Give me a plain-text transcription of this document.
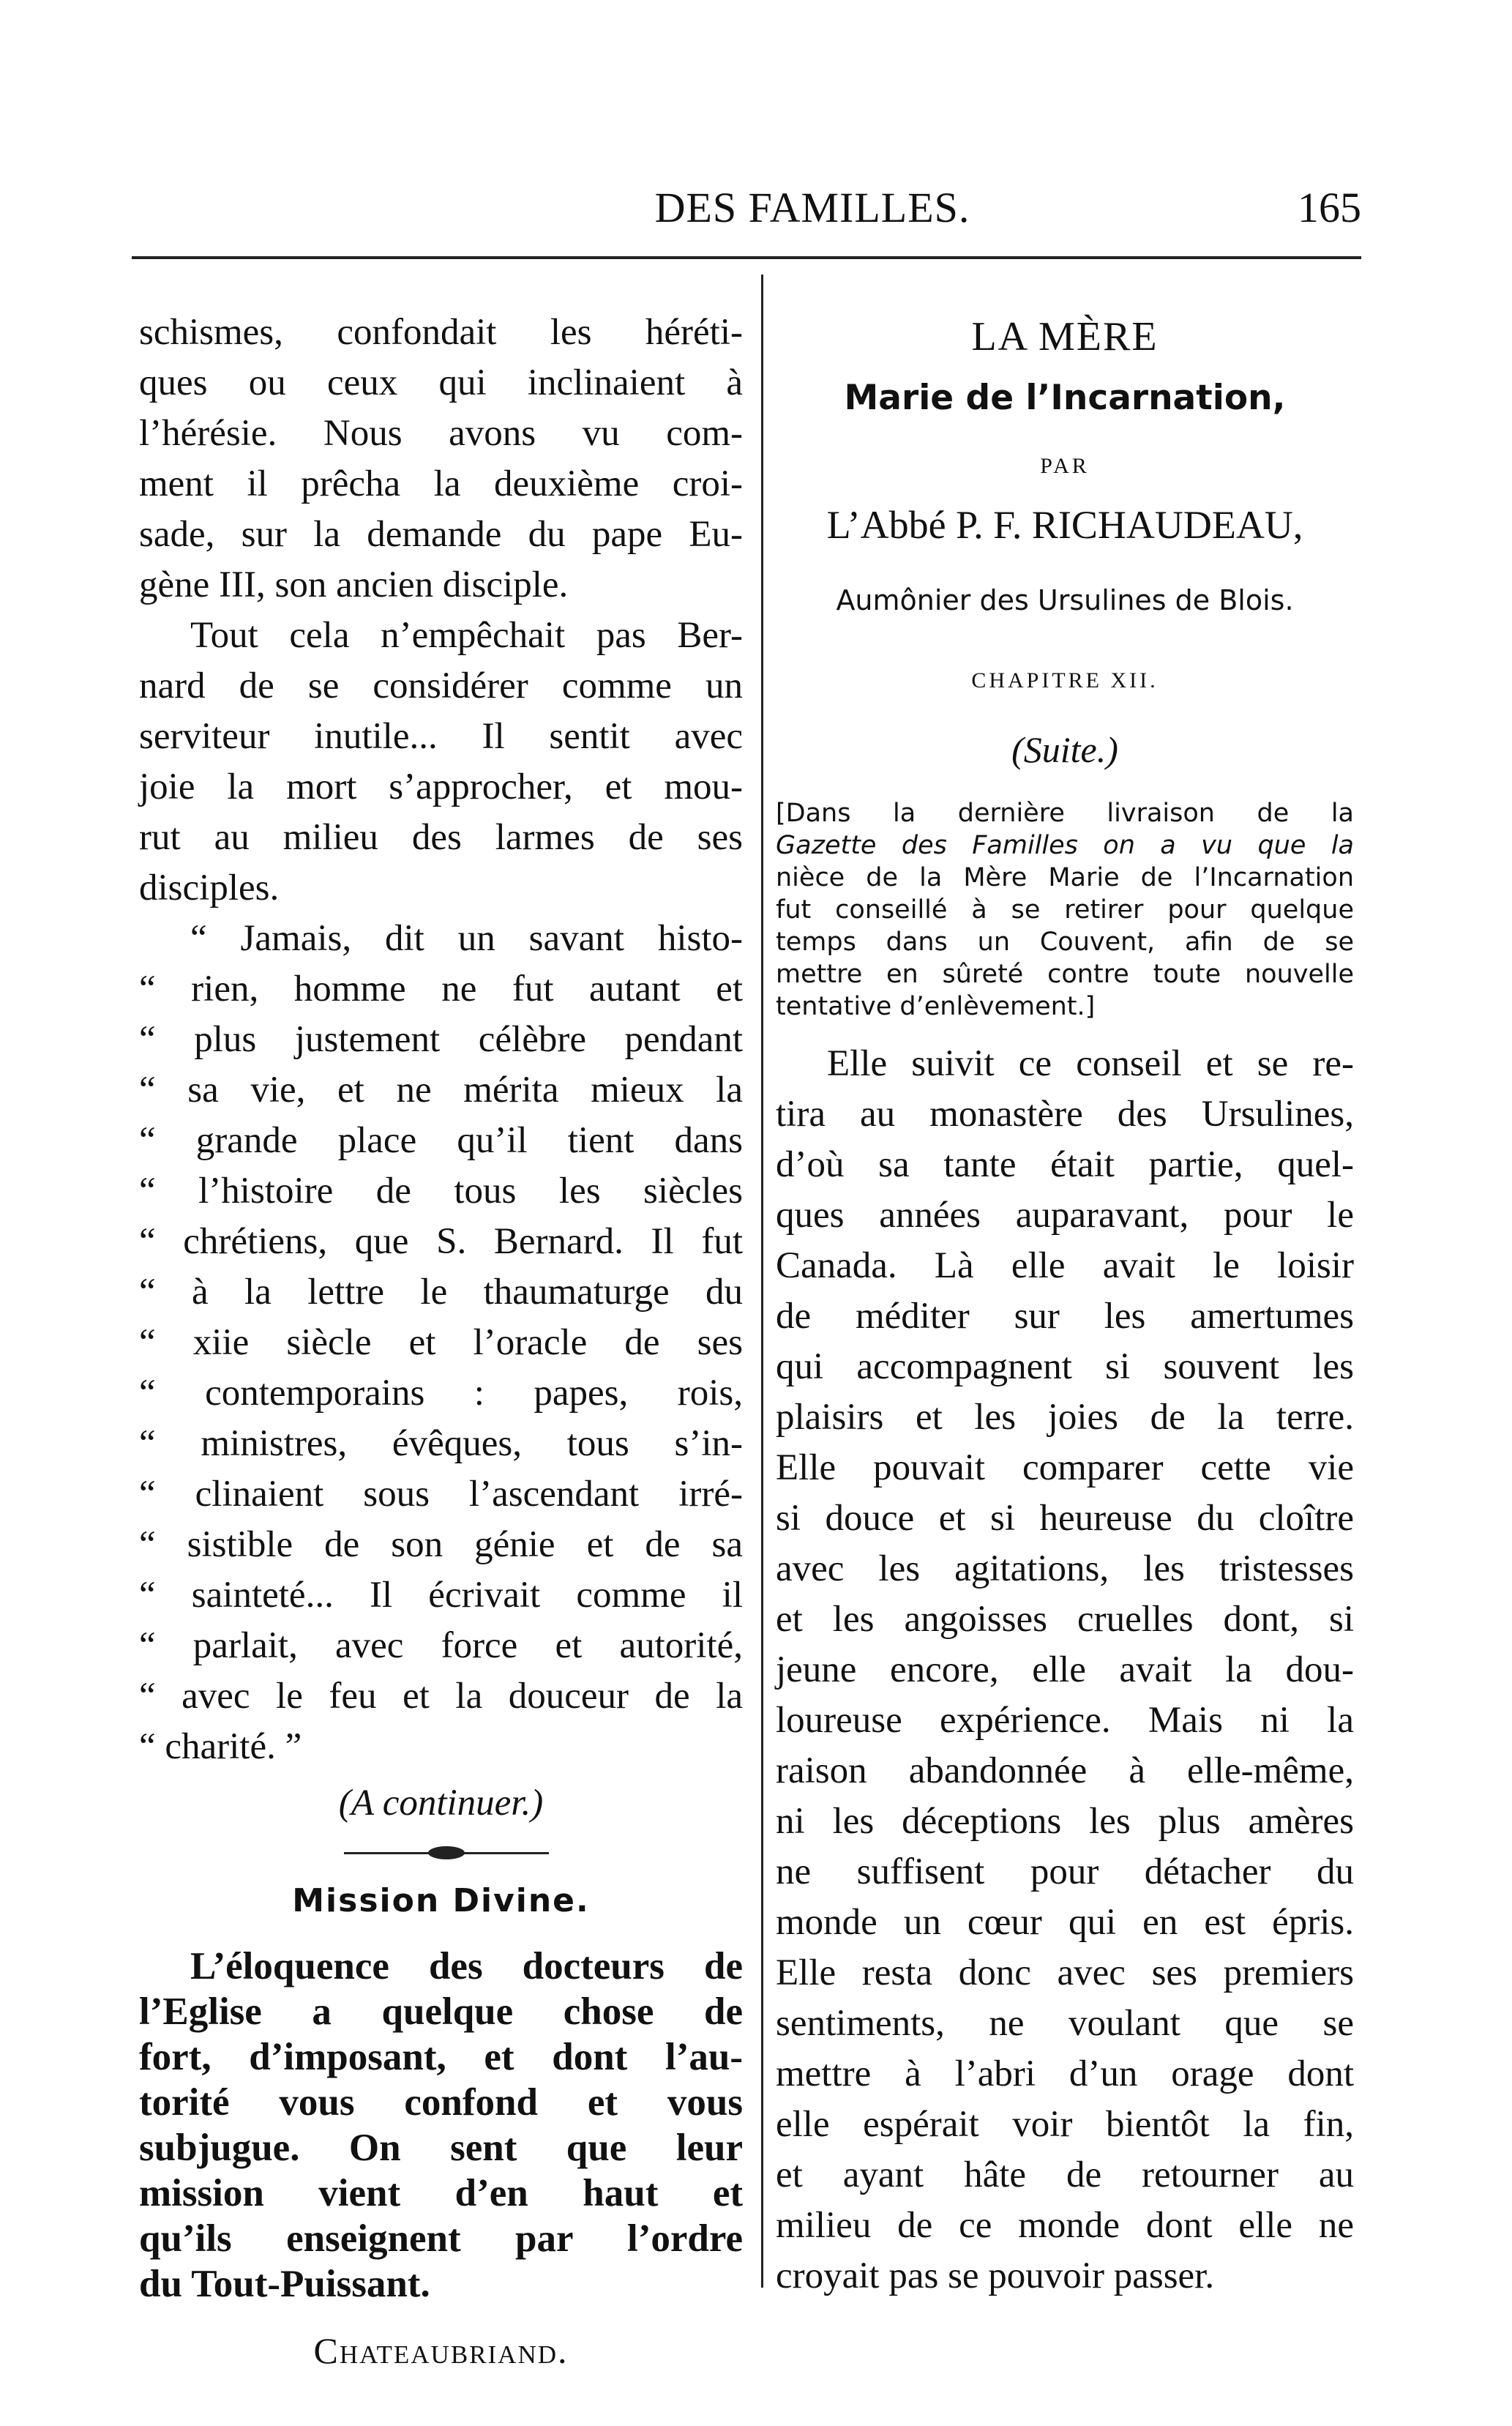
DES FAMILLES.	165
schismes, confondait les héréti-
ques ou ceux qui inclinaient à
l’hérésie. Nous avons vu com-
ment il prêcha la deuxième croi-
sade, sur la demande du pape Eu-
gène III, son ancien disciple.
Tout cela n’empêchait pas Ber-
nard de se considérer comme un
serviteur inutile... Il sentit avec
joie la mort s’approcher, et mou-
rut au milieu des larmes de ses
disciples.
“ Jamais, dit un savant histo-
“ rien, homme ne fut autant et
“ plus justement célèbre pendant
“ sa vie, et ne mérita mieux la
“ grande place qu’il tient dans
“ l’histoire de tous les siècles
“ chrétiens, que S. Bernard. Il fut
“ à la lettre le thaumaturge du
“ xiie siècle et l’oracle de ses
“ contemporains : papes, rois,
“ ministres, évêques, tous s’in-
“ clinaient sous l’ascendant irré-
“ sistible de son génie et de sa
“ sainteté... Il écrivait comme il
“ parlait, avec force et autorité,
“ avec le feu et la douceur de la
“ charité. ”
(A continuer.)
Mission Divine.
L’éloquence des docteurs de
l’Eglise a quelque chose de
fort, d’imposant, et dont l’au-
torité vous confond et vous
subjugue. On sent que leur
mission vient d’en haut et
qu’ils enseignent par l’ordre
du Tout-Puissant.
Chateaubriand.
LA MÈRE
Marie de l’Incarnation,
PAR
L’Abbé P. F. RICHAUDEAU,
Aumônier des Ursulines de Blois.
CHAPITRE XII.
(Suite.)
[Dans la dernière livraison de la
Gazette des Familles on a vu que la
nièce de la Mère Marie de l’Incarnation
fut conseillé à se retirer pour quelque
temps dans un Couvent, afin de se
mettre en sûreté contre toute nouvelle
tentative d’enlèvement.]
Elle suivit ce conseil et se re-
tira au monastère des Ursulines,
d’où sa tante était partie, quel-
ques années auparavant, pour le
Canada. Là elle avait le loisir
de méditer sur les amertumes
qui accompagnent si souvent les
plaisirs et les joies de la terre.
Elle pouvait comparer cette vie
si douce et si heureuse du cloître
avec les agitations, les tristesses
et les angoisses cruelles dont, si
jeune encore, elle avait la dou-
loureuse expérience. Mais ni la
raison abandonnée à elle-même,
ni les déceptions les plus amères
ne suffisent pour détacher du
monde un cœur qui en est épris.
Elle resta donc avec ses premiers
sentiments, ne voulant que se
mettre à l’abri d’un orage dont
elle espérait voir bientôt la fin,
et ayant hâte de retourner au
milieu de ce monde dont elle ne
croyait pas se pouvoir passer.
